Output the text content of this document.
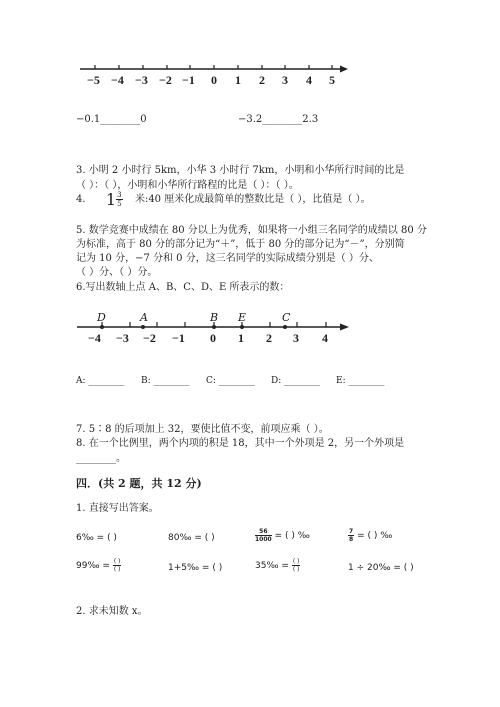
−5 −4 −3 −2 −1 0 1 2 3 4 5
−0.1________0	−3.2________2.3
3. 小明 2 小时行 5km，小华 3 小时行 7km，小明和小华所行时间的比是
（ ）：（ ），小明和小华所行路程的比是（ ）：（ ）。
4. $1 \frac{3}{5}$ 米:40 厘米化成最简单的整数比是（ ），比值是（ ）。
5. 数学竞赛中成绩在 80 分以上为优秀，如果将一小组三名同学的成绩以 80 分
为标准，高于 80 分的部分记为“＋”，低于 80 分的部分记为“－”，分别简
记为 10 分，−7 分和 0 分，这三名同学的实际成绩分别是（ ）分、
（ ）分、（ ）分。
6.写出数轴上点 A、B、C、D、E 所表示的数：
D	A	B E	C
−4 −3 −2 −1 0 1 2 3 4
A: ________ B: ________ C: ________ D: ________ E: ________
7. 5∶8 的后项加上 32，要使比值不变，前项应乘（ ）。
8. 在一个比例里，两个内项的积是 18，其中一个外项是 2，另一个外项是
________。
四．(共 2 题，共 12 分)
1. 直接写出答案。
6‰ = ( )	80‰ = ( )	$\frac{56}{1000}$ = ( ) ‰	$\frac{7}{8}$ = ( ) ‰
99‰ = $\frac{( )}{( )}$	1+5‰ = ( )	35‰ = $\frac{( )}{( )}$	1 ÷ 20‰ = ( )
2. 求未知数 x。
